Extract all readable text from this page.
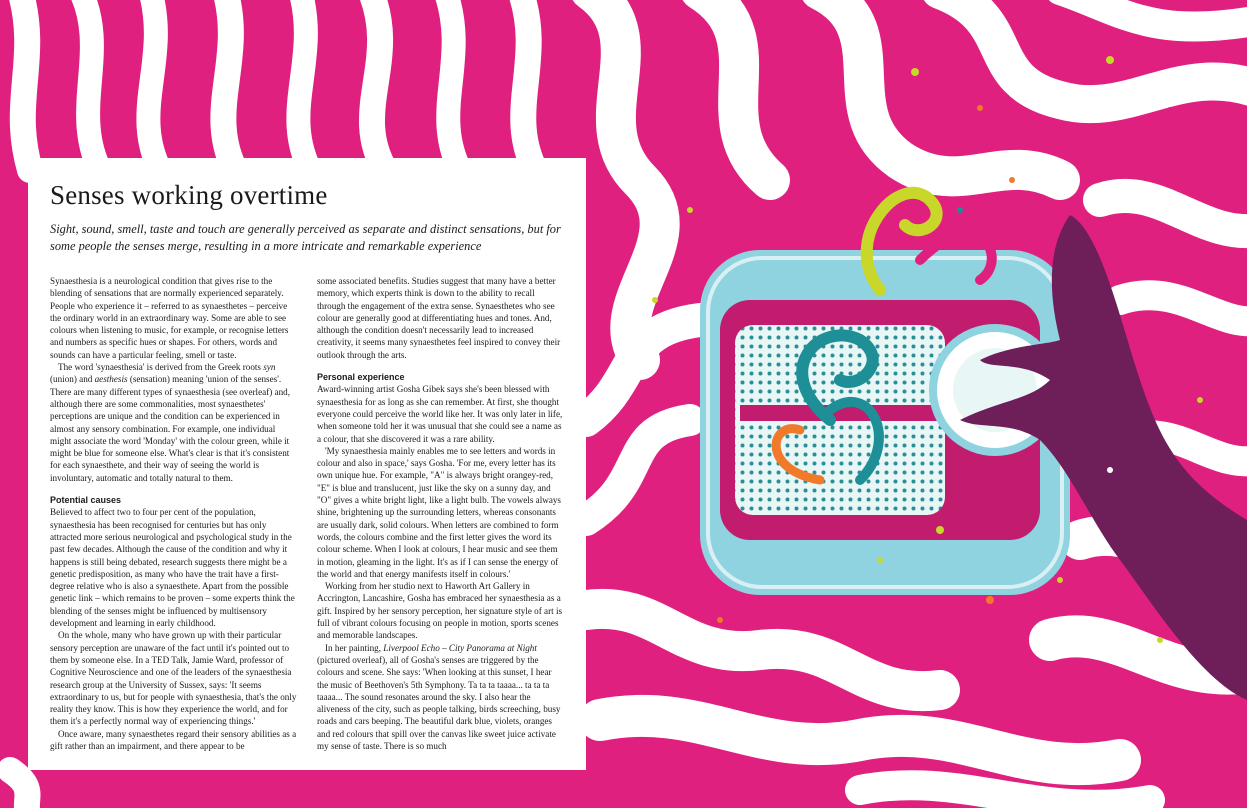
Senses working overtime

Sight, sound, smell, taste and touch are generally perceived as separate and distinct sensations, but for some people the senses merge, resulting in a more intricate and remarkable experience

Synaesthesia is a neurological condition that gives rise to the blending of sensations that are normally experienced separately. People who experience it – referred to as synaesthetes – perceive the ordinary world in an extraordinary way. Some are able to see colours when listening to music, for example, or recognise letters and numbers as specific hues or shapes. For others, words and sounds can have a particular feeling, smell or taste.

The word 'synaesthesia' is derived from the Greek roots syn (union) and aesthesis (sensation) meaning 'union of the senses'. There are many different types of synaesthesia (see overleaf) and, although there are some commonalities, most synaesthetes' perceptions are unique and the condition can be experienced in almost any sensory combination. For example, one individual might associate the word 'Monday' with the colour green, while it might be blue for someone else. What's clear is that it's consistent for each synaesthete, and their way of seeing the world is involuntary, automatic and totally natural to them.

Potential causes

Believed to affect two to four per cent of the population, synaesthesia has been recognised for centuries but has only attracted more serious neurological and psychological study in the past few decades. Although the cause of the condition and why it happens is still being debated, research suggests there might be a genetic predisposition, as many who have the trait have a first-degree relative who is also a synaesthete. Apart from the possible genetic link – which remains to be proven – some experts think the blending of the senses might be influenced by multisensory development and learning in early childhood.

On the whole, many who have grown up with their particular sensory perception are unaware of the fact until it's pointed out to them by someone else. In a TED Talk, Jamie Ward, professor of Cognitive Neuroscience and one of the leaders of the synaesthesia research group at the University of Sussex, says: 'It seems extraordinary to us, but for people with synaesthesia, that's the only reality they know. This is how they experience the world, and for them it's a perfectly normal way of experiencing things.'

Once aware, many synaesthetes regard their sensory abilities as a gift rather than an impairment, and there appear to be

some associated benefits. Studies suggest that many have a better memory, which experts think is down to the ability to recall through the engagement of the extra sense. Synaesthetes who see colour are generally good at differentiating hues and tones. And, although the condition doesn't necessarily lead to increased creativity, it seems many synaesthetes feel inspired to convey their outlook through the arts.

Personal experience

Award-winning artist Gosha Gibek says she's been blessed with synaesthesia for as long as she can remember. At first, she thought everyone could perceive the world like her. It was only later in life, when someone told her it was unusual that she could see a name as a colour, that she discovered it was a rare ability.

'My synaesthesia mainly enables me to see letters and words in colour and also in space,' says Gosha. 'For me, every letter has its own unique hue. For example, "A" is always bright orangey-red, "E" is blue and translucent, just like the sky on a sunny day, and "O" gives a white bright light, like a light bulb. The vowels always shine, brightening up the surrounding letters, whereas consonants are usually dark, solid colours. When letters are combined to form words, the colours combine and the first letter gives the word its colour scheme. When I look at colours, I hear music and see them in motion, gleaming in the light. It's as if I can sense the energy of the world and that energy manifests itself in colours.'

Working from her studio next to Haworth Art Gallery in Accrington, Lancashire, Gosha has embraced her synaesthesia as a gift. Inspired by her sensory perception, her signature style of art is full of vibrant colours focusing on people in motion, sports scenes and memorable landscapes.

In her painting, Liverpool Echo – City Panorama at Night (pictured overleaf), all of Gosha's senses are triggered by the colours and scene. She says: 'When looking at this sunset, I hear the music of Beethoven's 5th Symphony. Ta ta ta taaaa... ta ta ta taaaa... The sound resonates around the sky. I also hear the aliveness of the city, such as people talking, birds screeching, busy roads and cars beeping. The beautiful dark blue, violets, oranges and red colours that spill over the canvas like sweet juice activate my sense of taste. There is so much
